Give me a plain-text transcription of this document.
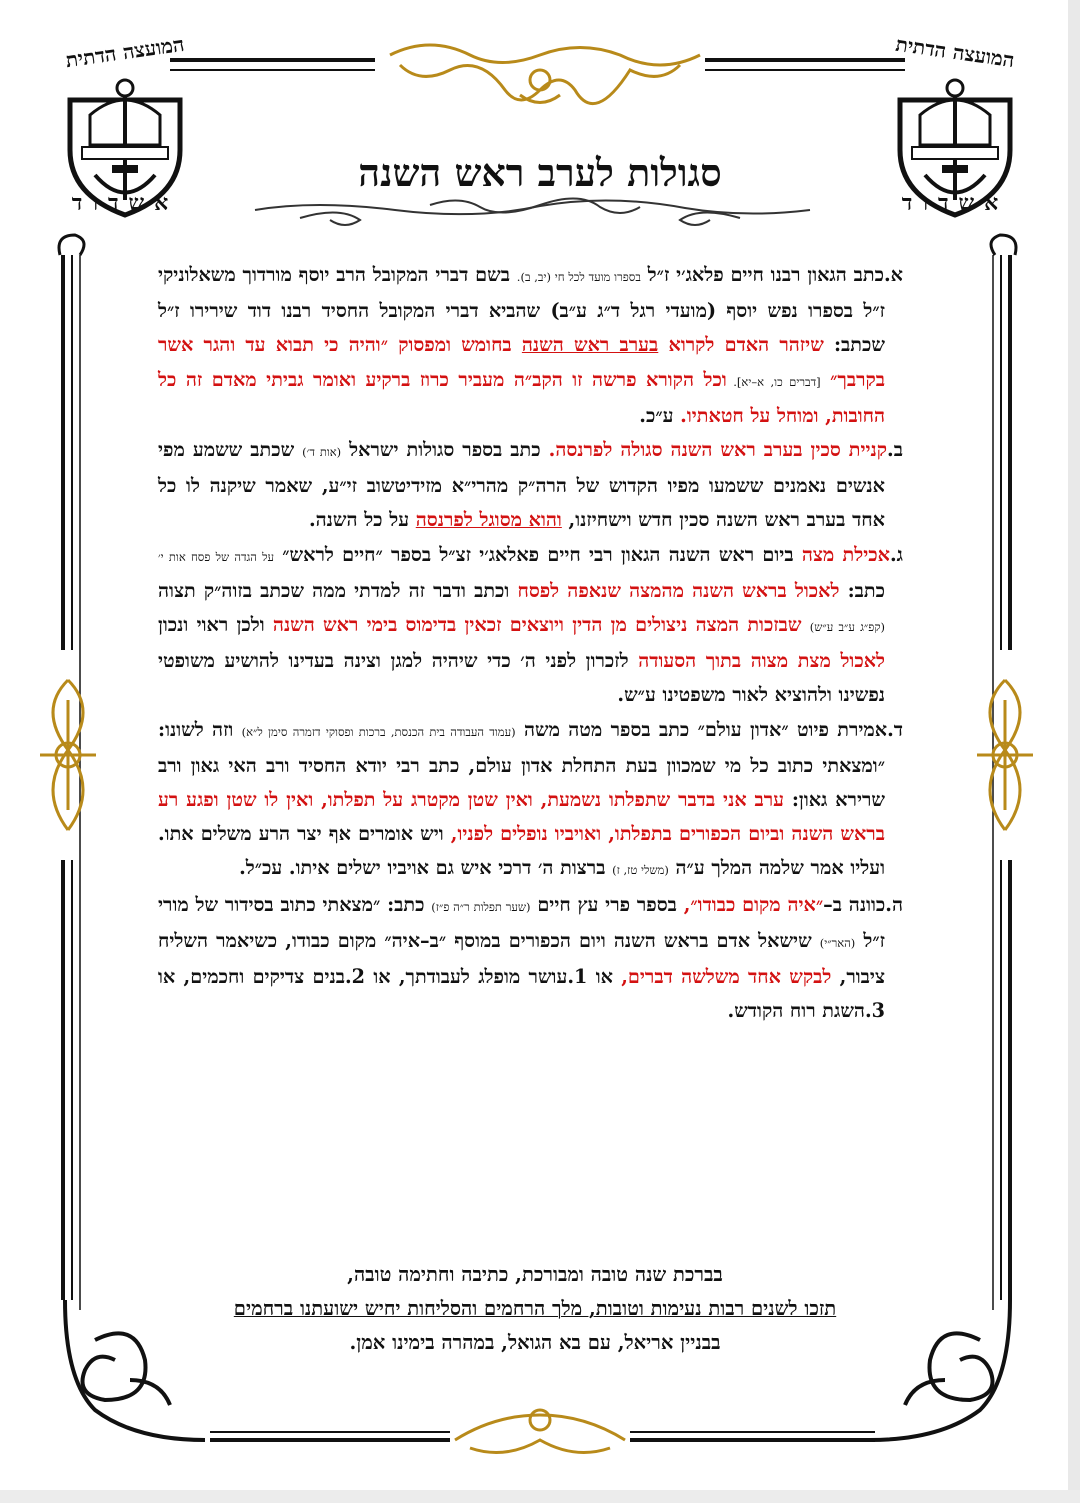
המועצה הדתית
אשדוד
המועצה הדתית
אשדוד
סגולות לערב ראש השנה

א.כתב הגאון רבנו חיים פלאג׳י ז״ל בספרו מועד לכל חי (יב, ב). בשם דברי המקובל הרב יוסף מורדוך משאלוניקי ז״ל בספרו נפש יוסף (מועדי רגל ד״ג ע״ב) שהביא דברי המקובל החסיד רבנו דוד שירירו ז״ל שכתב: שיזהר האדם לקרוא בערב ראש השנה בחומש ומפסוק ״והיה כי תבוא עד והגר אשר בקרבך״ [דברים כו, א–יא]. וכל הקורא פרשה זו הקב״ה מעביר כרוז ברקיע ואומר גביתי מאדם זה כל החובות, ומוחל על חטאתיו. ע״כ.

ב.קניית סכין בערב ראש השנה סגולה לפרנסה. כתב בספר סגולות ישראל (אות ד׳) שכתב ששמע מפי אנשים נאמנים ששמעו מפיו הקדוש של הרה״ק מהרי״א מזידיטשוב זי״ע, שאמר שיקנה לו כל אחד בערב ראש השנה סכין חדש וישחיזנו, והוא מסוגל לפרנסה על כל השנה.

ג.אכילת מצה ביום ראש השנה הגאון רבי חיים פאלאג׳י זצ״ל בספר ״חיים לראש״ על הגדה של פסח אות י׳ כתב: לאכול בראש השנה מהמצה שנאפה לפסח וכתב ודבר זה למדתי ממה שכתב בזוה״ק תצוה (קפ״ג ע״ב ע״ש) שבזכות המצה ניצולים מן הדין ויוצאים זכאין בדימוס בימי ראש השנה ולכן ראוי ונכון לאכול מצת מצוה בתוך הסעודה לזכרון לפני ה׳ כדי שיהיה למגן וצינה בעדינו להושיע משופטי נפשינו ולהוציא לאור משפטינו ע״ש.

ד.אמירת פיוט ״אדון עולם״ כתב בספר מטה משה (עמוד העבודה בית הכנסת, ברכות ופסוקי דזמרה סימן ל״א) וזה לשונו: ״ומצאתי כתוב כל מי שמכוון בעת התחלת אדון עולם, כתב רבי יודא החסיד ורב האי גאון ורב שרירא גאון: ערב אני בדבר שתפלתו נשמעת, ואין שטן מקטרג על תפלתו, ואין לו שטן ופגע רע בראש השנה וביום הכפורים בתפלתו, ואויביו נופלים לפניו, ויש אומרים אף יצר הרע משלים אתו. ועליו אמר שלמה המלך ע״ה (משלי טז, ז) ברצות ה׳ דרכי איש גם אויביו ישלים איתו. עכ״ל.

ה.כוונה ב–״איה מקום כבודו״, בספר פרי עץ חיים (שער תפלות ר״ה פ״ז) כתב: ״מצאתי כתוב בסידור של מורי ז״ל (האר״י) שישאל אדם בראש השנה ויום הכפורים במוסף ״ב–איה״ מקום כבודו, כשיאמר השליח ציבור, לבקש אחד משלשה דברים, או 1.עושר מופלג לעבודתך, או 2.בנים צדיקים וחכמים, או 3.השגת רוח הקודש.

בברכת שנה טובה ומבורכת, כתיבה וחתימה טובה,
תזכו לשנים רבות נעימות וטובות, מלך הרחמים והסליחות יחיש ישועתנו ברחמים
בבניין אריאל, עם בא הגואל, במהרה בימינו אמן.
